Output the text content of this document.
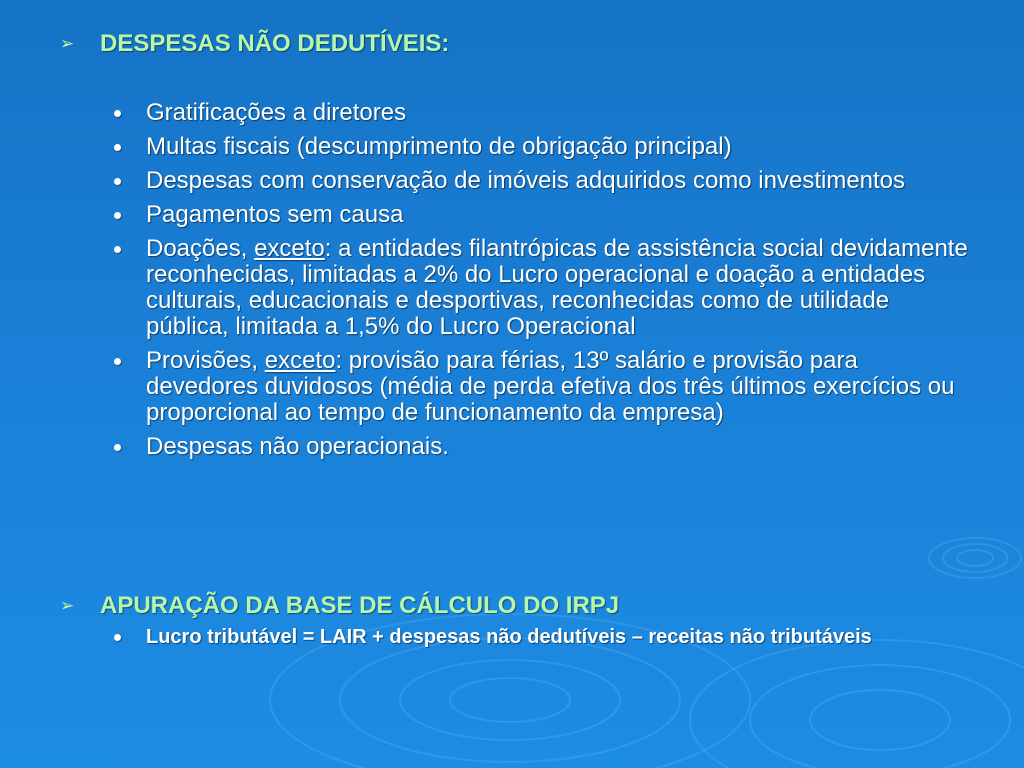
➢	DESPESAS NÃO DEDUTÍVEIS:
Gratificações a diretores
Multas fiscais (descumprimento de obrigação principal)
Despesas com conservação de imóveis adquiridos como investimentos
Pagamentos sem causa
Doações, exceto: a entidades filantrópicas de assistência social devidamente reconhecidas, limitadas a 2% do Lucro operacional e doação a entidades culturais, educacionais e desportivas, reconhecidas como de utilidade pública, limitada a 1,5% do Lucro Operacional
Provisões, exceto: provisão para férias, 13º salário e provisão para devedores duvidosos (média de perda efetiva dos três últimos exercícios ou proporcional ao tempo de funcionamento da empresa)
Despesas não operacionais.
➢	APURAÇÃO DA BASE DE CÁLCULO DO IRPJ
Lucro tributável = LAIR + despesas não dedutíveis – receitas não tributáveis
